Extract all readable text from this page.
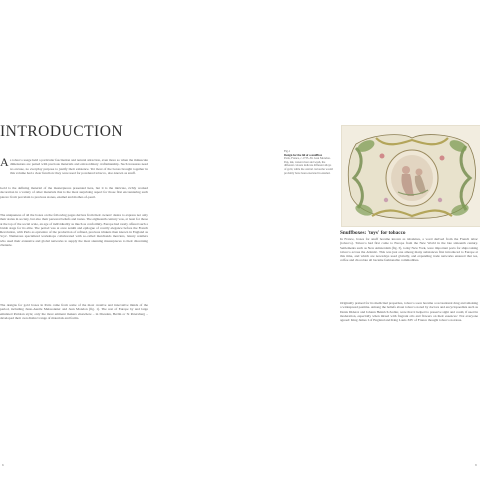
INTRODUCTION
A s tobacco usage held a particular fascination and natural attraction, even more so when the minuscule dimensions are paired with precious materials and extraordinary craftsmanship. Such treasures need no excuse, no everyday purpose to justify their existence. Yet most of the boxes brought together in this volume had a clear function: they were used for powdered tobacco, also known as snuff.
Gold is the defining material of the masterpieces presented here, but it is the intricate, richly worked decoration in a variety of other materials that is the most surprising aspect for those first encountering such pieces: from porcelain to precious stones, enamel and mother-of-pearl.
The uniqueness of all the boxes on the following pages derives from their owners' desire to express not only their status in society, but also their personal beliefs and tastes. The eighteenth century was, at least for those at the top of the social scale, an age of individuality as much as conformity. Europe had rarely offered such a lavish stage for its elite. The period was at once zenith and epilogue of courtly elegance before the French Revolution, with Paris as epicentre of the production of refined, precious trinkets then known in England as 'toys'. Numerous specialized workshops collaborated with so-called marchands merciers, luxury retailers who used their extensive and global networks to supply the most stunning masterpieces to their discerning clientele.
The designs for gold boxes in Paris came from some of the most creative and innovative minds of the period, including Juste-Aurèle Meissonnier and Jean Mondon (fig. 1). The rest of Europe by and large emulated Parisian style; only the most eminent makers elsewhere – in Dresden, Berlin or St Petersburg – developed their own distinct range of materials and forms.
6
Fig.1
Design for the lid of a snuffbox
Paris, France, c.1735–36. Jean Mondon. Pen, ink, watercolour and wash, the different colours indicate different alloys of gold, while the central cartouche would probably have been executed in enamel.
Snuffboxes: 'toys' for tobacco
In France, boxes for snuff became known as tabatières, a word derived from the French tabac (tobacco). Tobacco had first come to Europe from the New World in the late sixteenth century. Settlements such as New Amsterdam (fig. 3), today New York, were important ports for ships taking tobacco across the Atlantic. This was just one among many substances first introduced to Europe at this time, and which are nowadays used globally, and expanding trade networks ensured that tea, coffee and chocolate all became fashionable commodities.
Originally praised for its medicinal properties, tobacco soon became a recreational drug and smoking a widespread pastime. Among the beliefs about tobacco noted by doctors and encyclopaedists such as Denis Diderot and Johann Heinrich Zedler, were that it helped to preserve sight and could, if used in moderation, especially when mixed with fragrant oils and flowers on their essences.' Not everyone agreed: King James I of England and King Louis XIV of France thought tobacco noxious.
9
